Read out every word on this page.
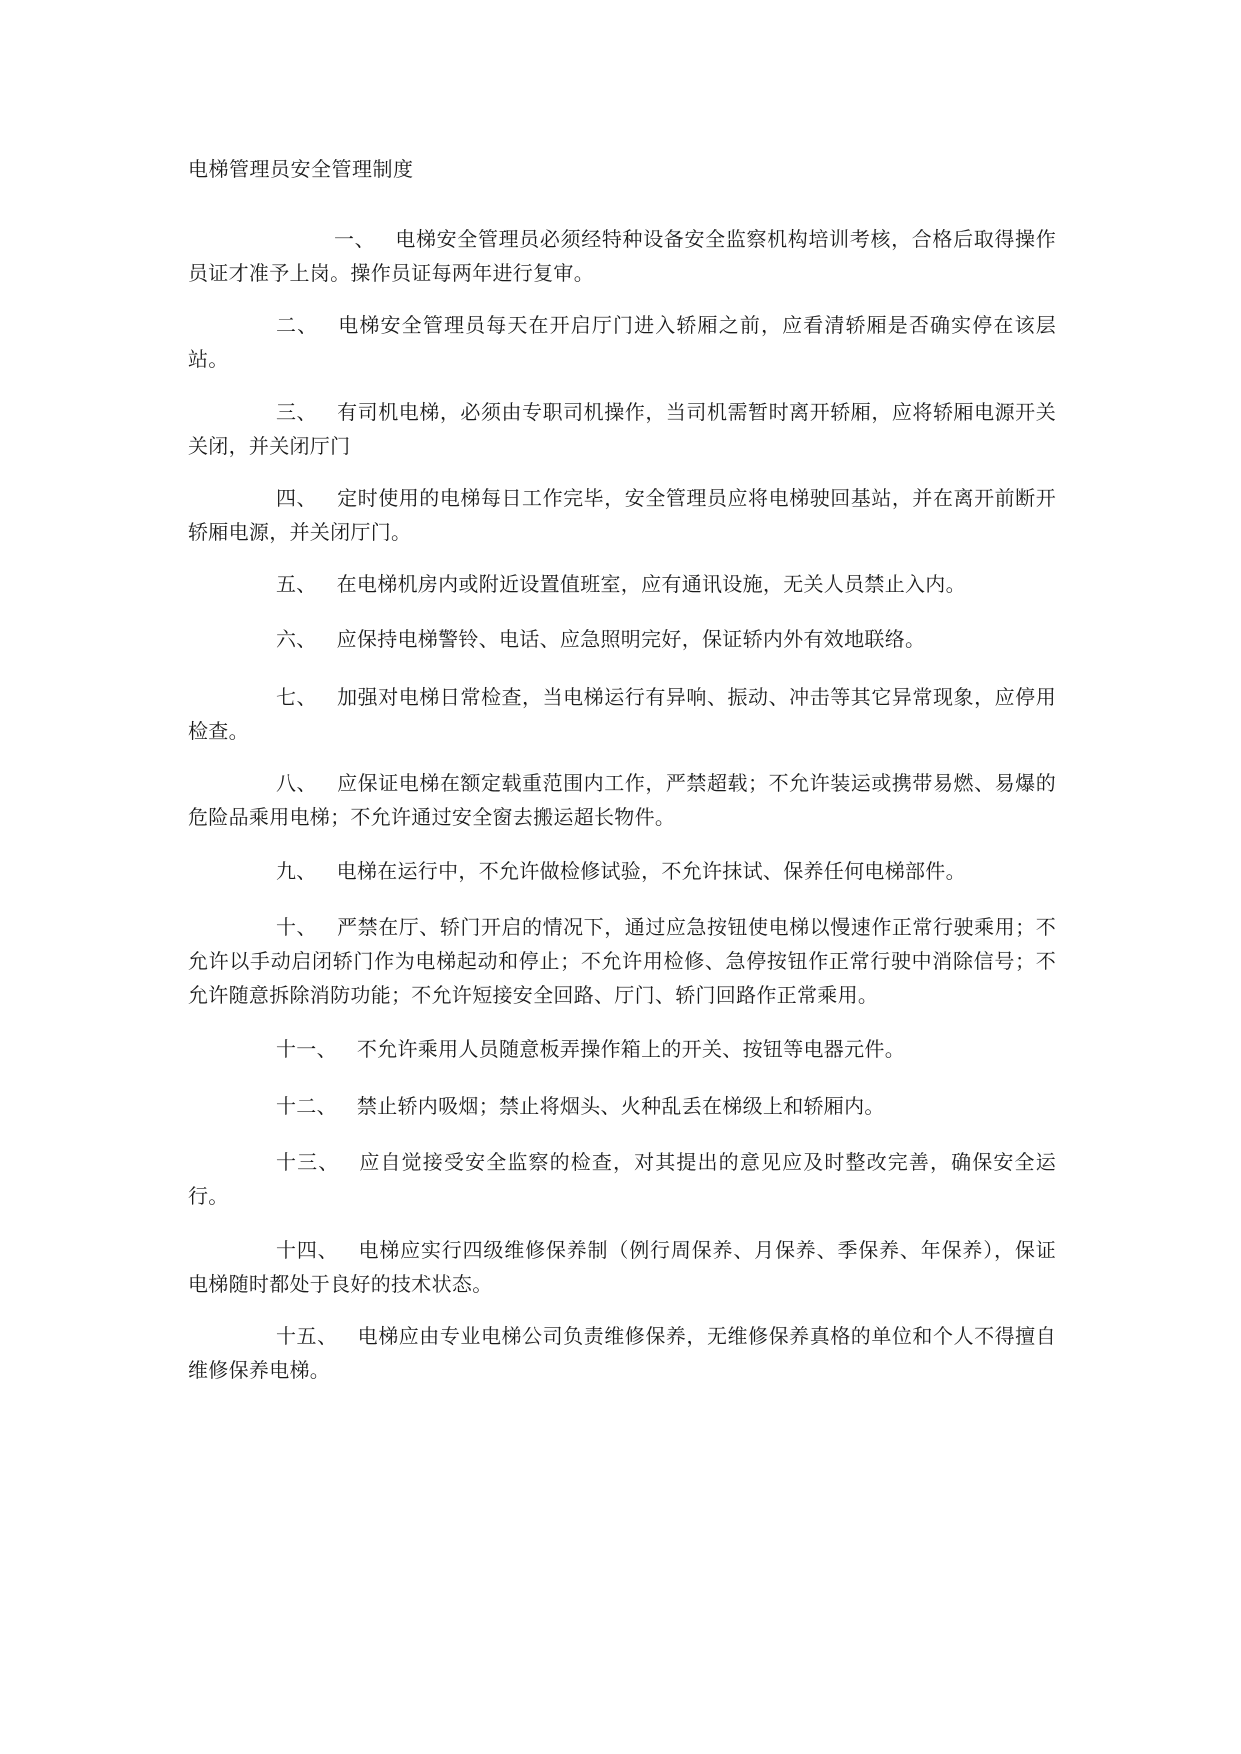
电梯管理员安全管理制度

一、 电梯安全管理员必须经特种设备安全监察机构培训考核，合格后取得操作员证才准予上岗。操作员证每两年进行复审。

二、 电梯安全管理员每天在开启厅门进入轿厢之前，应看清轿厢是否确实停在该层站。

三、 有司机电梯，必须由专职司机操作，当司机需暂时离开轿厢，应将轿厢电源开关关闭，并关闭厅门

四、 定时使用的电梯每日工作完毕，安全管理员应将电梯驶回基站，并在离开前断开轿厢电源，并关闭厅门。

五、 在电梯机房内或附近设置值班室，应有通讯设施，无关人员禁止入内。

六、 应保持电梯警铃、电话、应急照明完好，保证轿内外有效地联络。

七、 加强对电梯日常检查，当电梯运行有异响、振动、冲击等其它异常现象，应停用检查。

八、 应保证电梯在额定载重范围内工作，严禁超载；不允许装运或携带易燃、易爆的危险品乘用电梯；不允许通过安全窗去搬运超长物件。

九、 电梯在运行中，不允许做检修试验，不允许抹试、保养任何电梯部件。

十、 严禁在厅、轿门开启的情况下，通过应急按钮使电梯以慢速作正常行驶乘用；不允许以手动启闭轿门作为电梯起动和停止；不允许用检修、急停按钮作正常行驶中消除信号；不允许随意拆除消防功能；不允许短接安全回路、厅门、轿门回路作正常乘用。

十一、 不允许乘用人员随意板弄操作箱上的开关、按钮等电器元件。

十二、 禁止轿内吸烟；禁止将烟头、火种乱丢在梯级上和轿厢内。

十三、 应自觉接受安全监察的检查，对其提出的意见应及时整改完善，确保安全运行。

十四、 电梯应实行四级维修保养制（例行周保养、月保养、季保养、年保养），保证电梯随时都处于良好的技术状态。

十五、 电梯应由专业电梯公司负责维修保养，无维修保养真格的单位和个人不得擅自维修保养电梯。
